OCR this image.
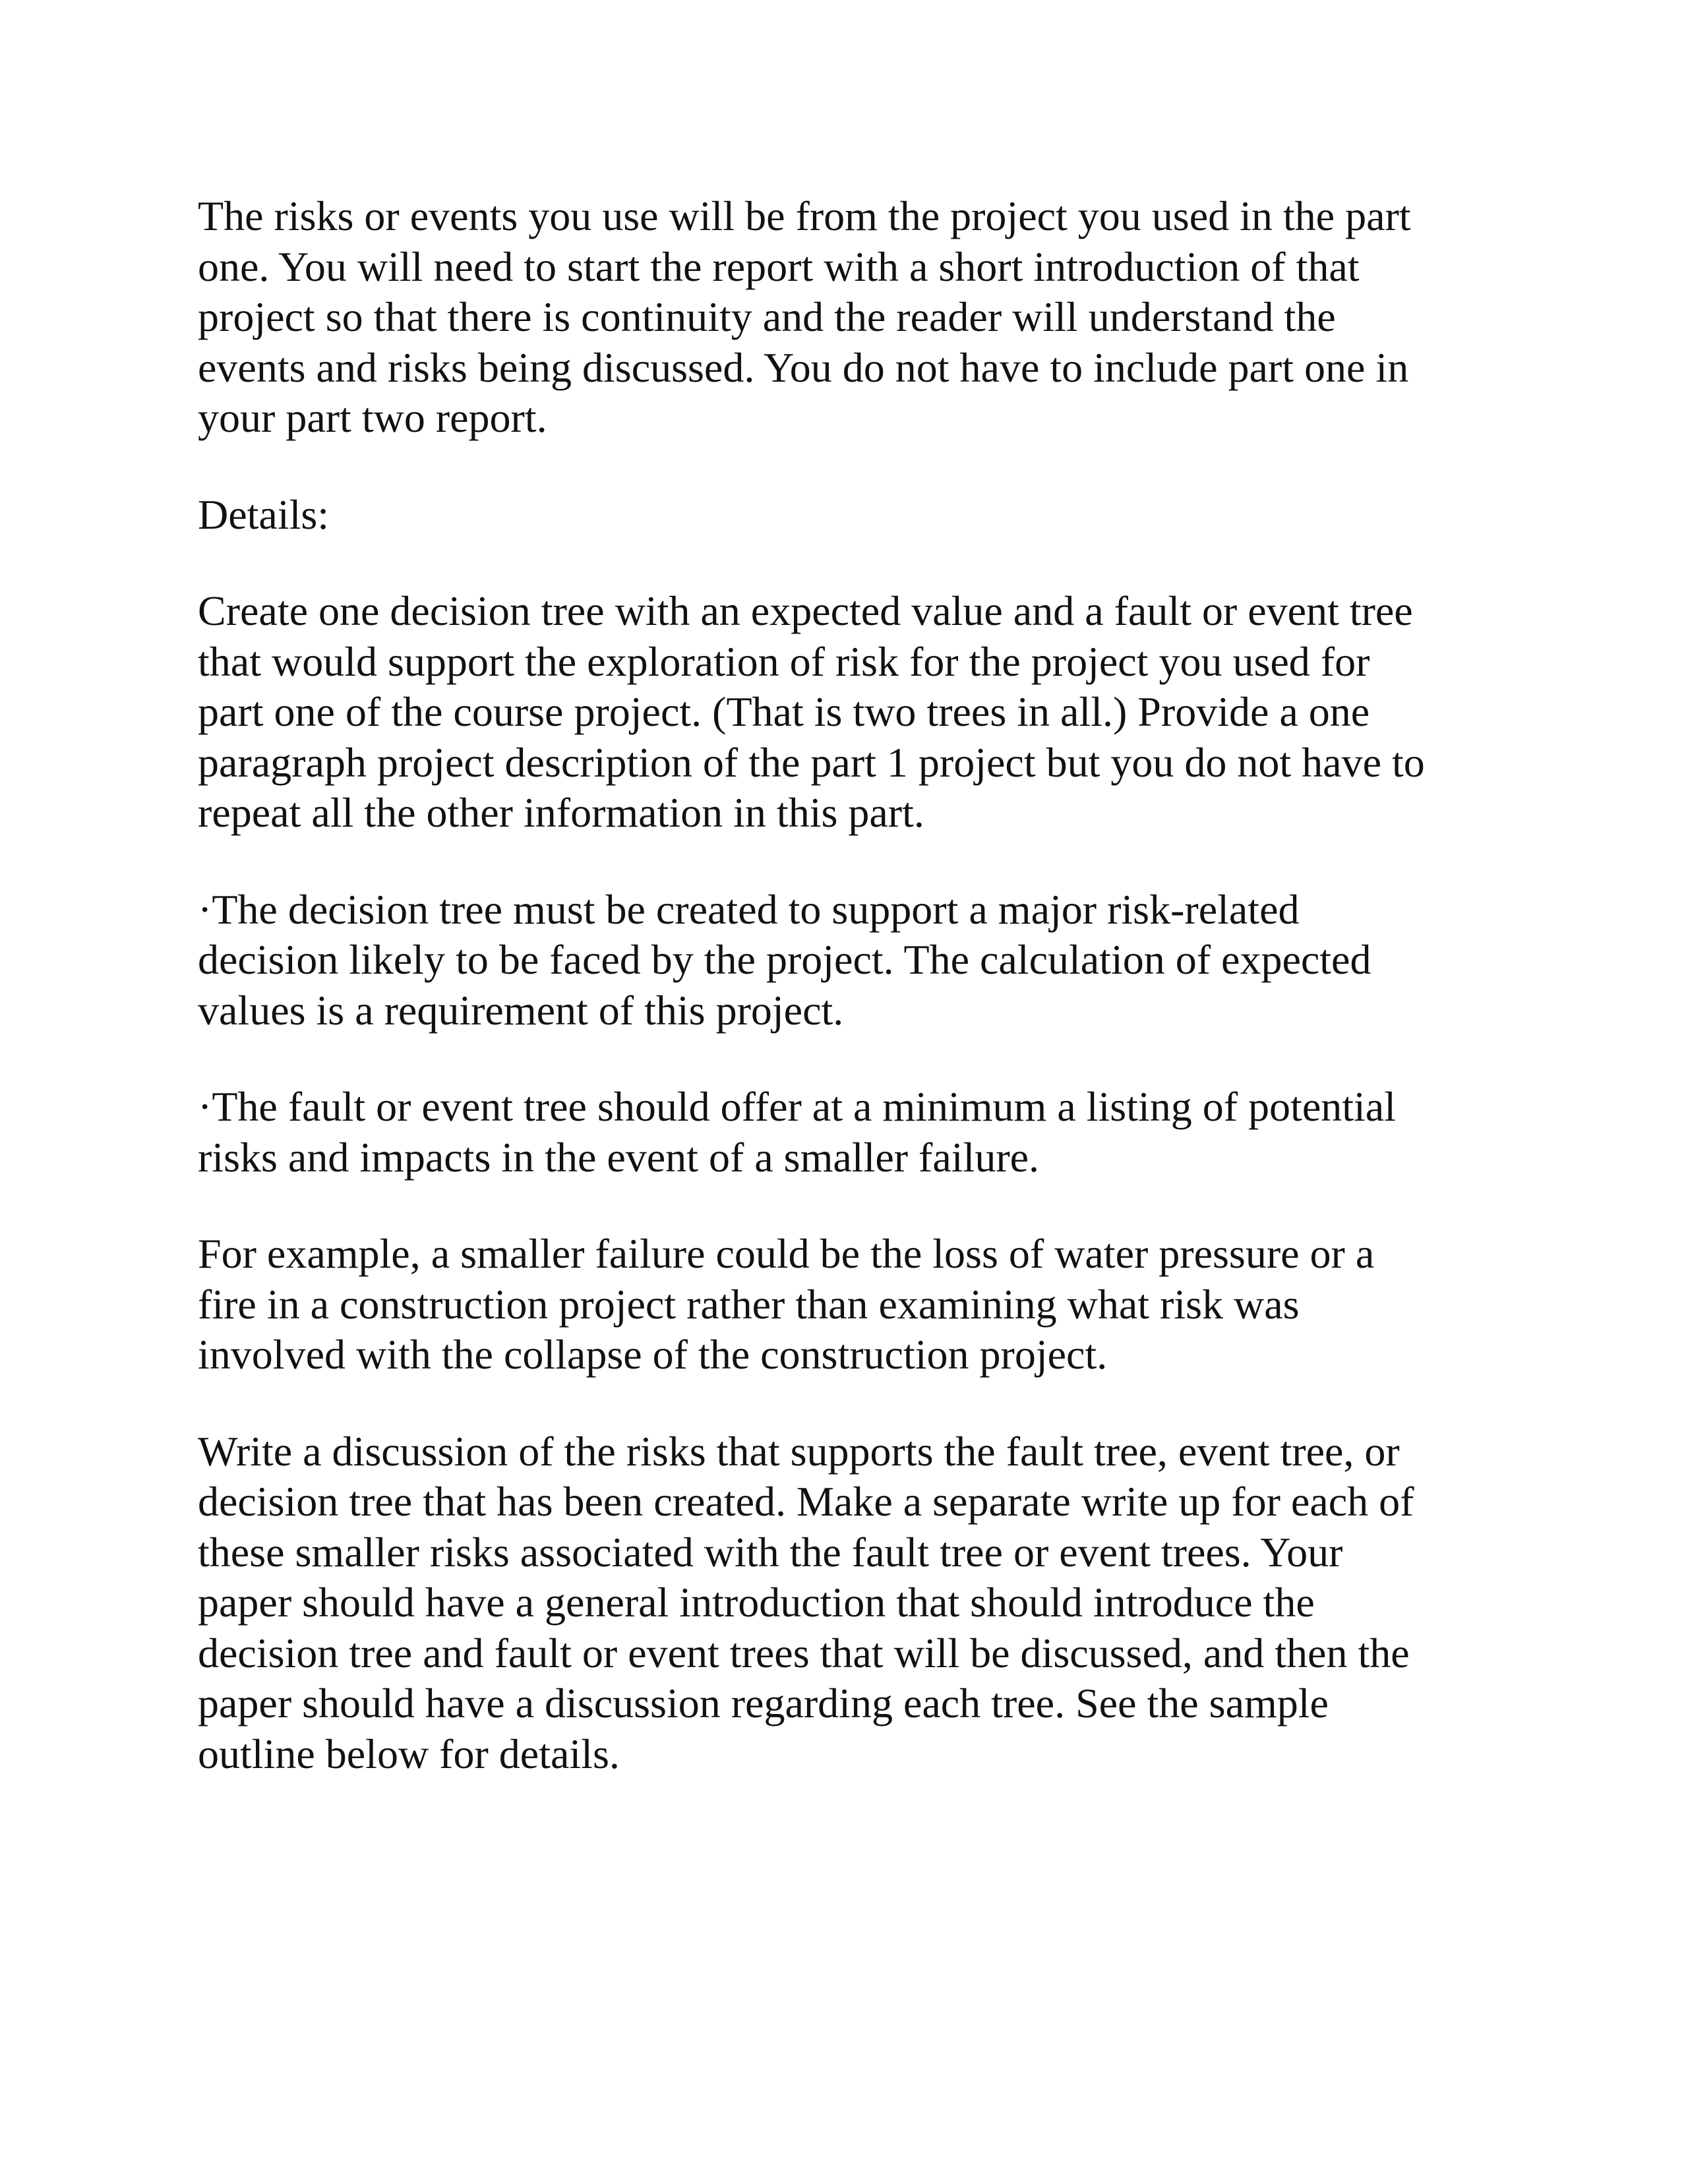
The risks or events you use will be from the project you used in the part
one. You will need to start the report with a short introduction of that
project so that there is continuity and the reader will understand the
events and risks being discussed. You do not have to include part one in
your part two report.

Details:

Create one decision tree with an expected value and a fault or event tree
that would support the exploration of risk for the project you used for
part one of the course project. (That is two trees in all.) Provide a one
paragraph project description of the part 1 project but you do not have to
repeat all the other information in this part.

·The decision tree must be created to support a major risk-related
decision likely to be faced by the project. The calculation of expected
values is a requirement of this project.

·The fault or event tree should offer at a minimum a listing of potential
risks and impacts in the event of a smaller failure.

For example, a smaller failure could be the loss of water pressure or a
fire in a construction project rather than examining what risk was
involved with the collapse of the construction project.

Write a discussion of the risks that supports the fault tree, event tree, or
decision tree that has been created. Make a separate write up for each of
these smaller risks associated with the fault tree or event trees. Your
paper should have a general introduction that should introduce the
decision tree and fault or event trees that will be discussed, and then the
paper should have a discussion regarding each tree. See the sample
outline below for details.
